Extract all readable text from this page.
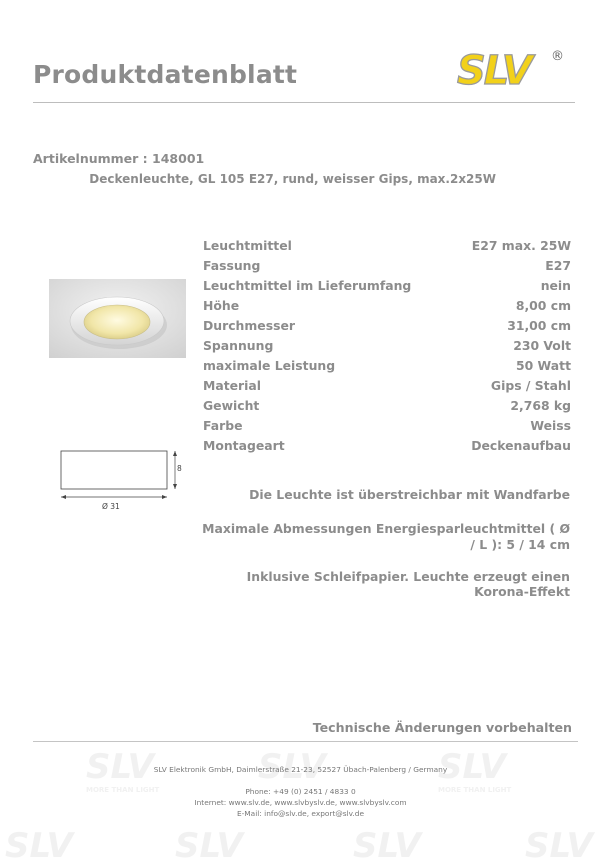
Produktdatenblatt	SLV	®
Artikelnummer : 148001
Deckenleuchte, GL 105 E27, rund, weisser Gips, max.2x25W
Leuchtmittel	E27 max. 25W
Fassung	E27
Leuchtmittel im Lieferumfang	nein
Höhe	8,00 cm
Durchmesser	31,00 cm
Spannung	230 Volt
maximale Leistung	50 Watt
Material	Gips / Stahl
Gewicht	2,768 kg
Farbe	Weiss
Montageart	Deckenaufbau
8
Ø 31
Die Leuchte ist überstreichbar mit Wandfarbe
Maximale Abmessungen Energiesparleuchtmittel ( Ø / L ): 5 / 14 cm
Inklusive Schleifpapier. Leuchte erzeugt einen Korona-Effekt
Technische Änderungen vorbehalten
SLV
MORE THAN LIGHT
SLV	SLV
MORE THAN LIGHT
SLV	SLV	SLV	SLV
SLV Elektronik GmbH, Daimlerstraße 21-23, 52527 Übach-Palenberg / Germany
Phone: +49 (0) 2451 / 4833 0
Internet: www.slv.de, www.slvbyslv.de, www.slvbyslv.com
E-Mail: info@slv.de, export@slv.de
